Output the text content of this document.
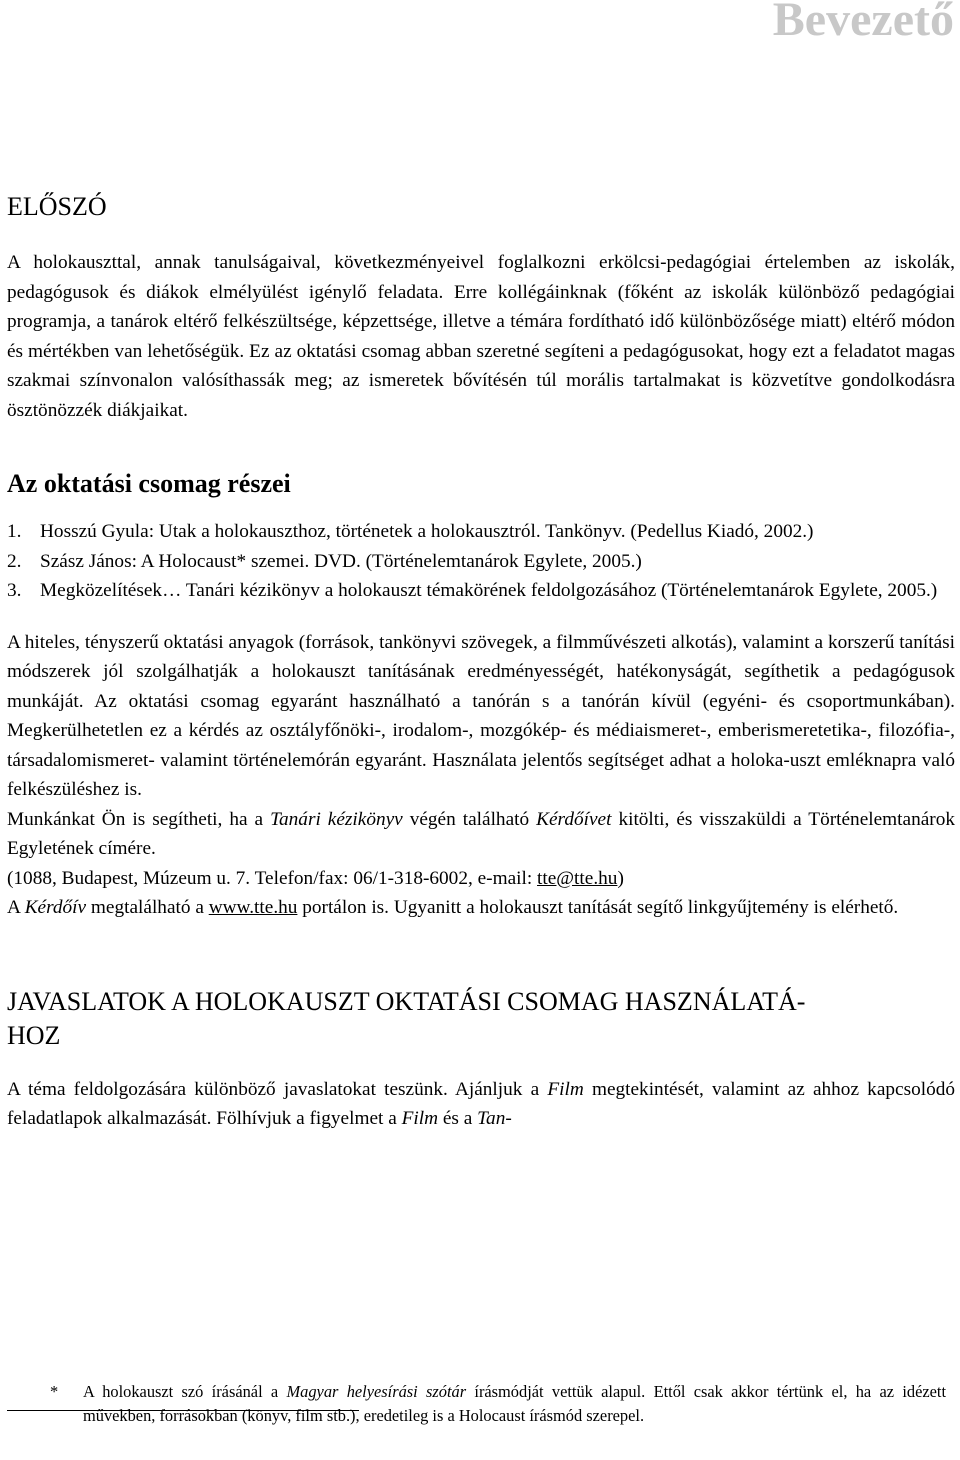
Bevezető
ELŐSZÓ

A holokauszttal, annak tanulságaival, következményeivel foglalkozni erkölcsi-pedagógiai értelemben az iskolák, pedagógusok és diákok elmélyülést igénylő feladata. Erre kollégáinknak (főként az iskolák különböző pedagógiai programja, a tanárok eltérő felkészültsége, képzettsége, illetve a témára fordítható idő különbözősége miatt) eltérő módon és mértékben van lehetőségük. Ez az oktatási csomag abban szeretné segíteni a pedagógusokat, hogy ezt a feladatot magas szakmai színvonalon valósíthassák meg; az ismeretek bővítésén túl morális tartalmakat is közvetítve gondolkodásra ösztönözzék diákjaikat.

Az oktatási csomag részei
1. Hosszú Gyula: Utak a holokauszthoz, történetek a holokausztról. Tankönyv. (Pedellus Kiadó, 2002.)
2. Szász János: A Holocaust* szemei. DVD. (Történelemtanárok Egylete, 2005.)
3. Megközelítések… Tanári kézikönyv a holokauszt témakörének feldolgozásához (Történelemtanárok Egylete, 2005.)

A hiteles, tényszerű oktatási anyagok (források, tankönyvi szövegek, a filmművészeti alkotás), valamint a korszerű tanítási módszerek jól szolgálhatják a holokauszt tanításának eredményességét, hatékonyságát, segíthetik a pedagógusok munkáját. Az oktatási csomag egyaránt használható a tanórán s a tanórán kívül (egyéni- és csoportmunkában). Megkerülhetetlen ez a kérdés az osztályfőnöki-, irodalom-, mozgókép- és médiaismeret-, emberismeretetika-, filozófia-, társadalomismeret- valamint történelemórán egyaránt. Használata jelentős segítséget adhat a holoka-uszt emléknapra való felkészüléshez is.

Munkánkat Ön is segítheti, ha a Tanári kézikönyv végén található Kérdőívet kitölti, és visszaküldi a Történelemtanárok Egyletének címére.

(1088, Budapest, Múzeum u. 7. Telefon/fax: 06/1-318-6002, e-mail: tte@tte.hu)

A Kérdőív megtalálható a www.tte.hu portálon is. Ugyanitt a holokauszt tanítását segítő linkgyűjtemény is elérhető.

JAVASLATOK A HOLOKAUSZT OKTATÁSI CSOMAG HASZNÁLATÁ-
HOZ

A téma feldolgozására különböző javaslatokat teszünk. Ajánljuk a Film megtekintését, valamint az ahhoz kapcsolódó feladatlapok alkalmazását. Fölhívjuk a figyelmet a Film és a Tan-

*	A holokauszt szó írásánál a Magyar helyesírási szótár írásmódját vettük alapul. Ettől csak akkor tértünk el, ha az idézett művekben, forrásokban (könyv, film stb.), eredetileg is a Holocaust írásmód szerepel.
